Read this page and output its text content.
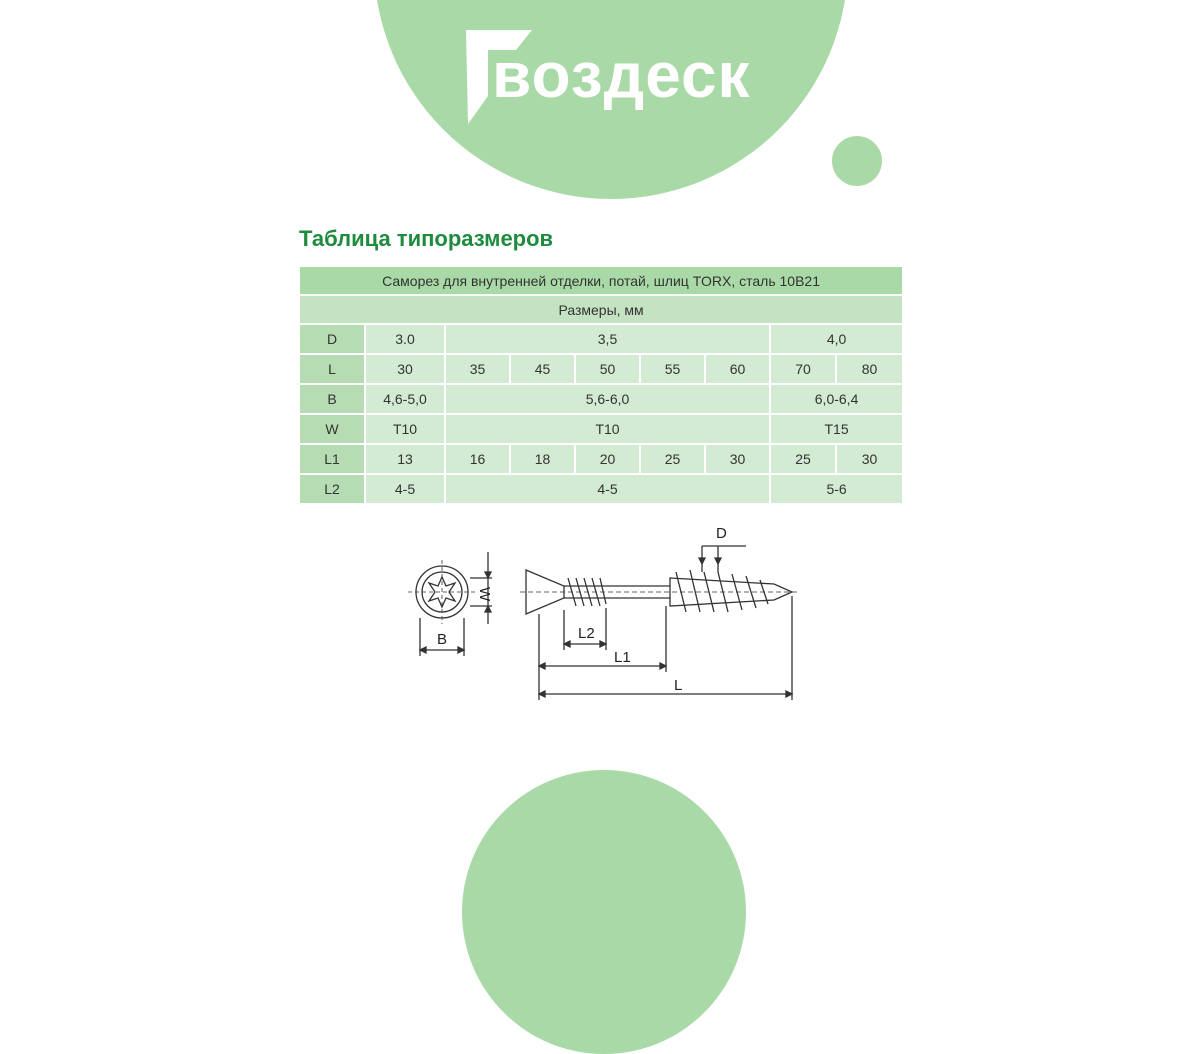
воздеск
Таблица типоразмеров
Саморез для внутренней отделки, потай, шлиц TORX, сталь 10B21								
Размеры, мм								
D	3.0	3,5					4,0	
L	30	35	45	50	55	60	70	80
B	4,6-5,0	5,6-6,0					6,0-6,4	
W	T10	T10					T15	
L1	13	16	18	20	25	30	25	30
L2	4-5	4-5					5-6	
B
W
D
L2
L1
L
